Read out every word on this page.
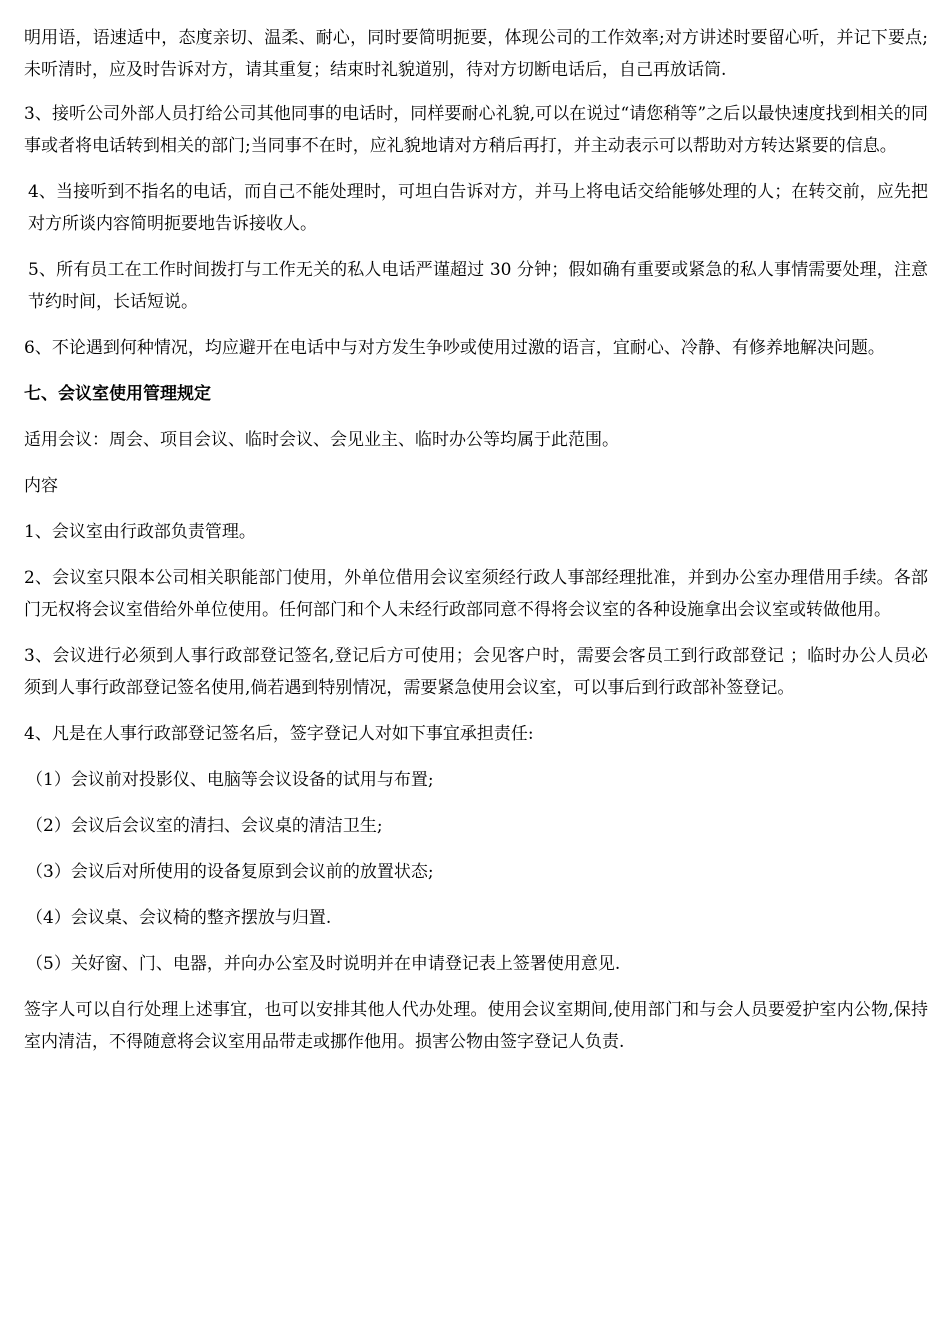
明用语，语速适中，态度亲切、温柔、耐心，同时要简明扼要，体现公司的工作效率;对方讲述时要留心听，并记下要点;未听清时，应及时告诉对方，请其重复；结束时礼貌道别，待对方切断电话后，自己再放话筒.

3、接听公司外部人员打给公司其他同事的电话时，同样要耐心礼貌,可以在说过“请您稍等”之后以最快速度找到相关的同事或者将电话转到相关的部门;当同事不在时，应礼貌地请对方稍后再打，并主动表示可以帮助对方转达紧要的信息。

4、当接听到不指名的电话，而自己不能处理时，可坦白告诉对方，并马上将电话交给能够处理的人；在转交前，应先把对方所谈内容简明扼要地告诉接收人。

5、所有员工在工作时间拨打与工作无关的私人电话严谨超过 30 分钟；假如确有重要或紧急的私人事情需要处理，注意节约时间，长话短说。

6、不论遇到何种情况，均应避开在电话中与对方发生争吵或使用过激的语言，宜耐心、冷静、有修养地解决问题。

七、会议室使用管理规定

适用会议：周会、项目会议、临时会议、会见业主、临时办公等均属于此范围。

内容

1、会议室由行政部负责管理。

2、会议室只限本公司相关职能部门使用，外单位借用会议室须经行政人事部经理批准，并到办公室办理借用手续。各部门无权将会议室借给外单位使用。任何部门和个人未经行政部同意不得将会议室的各种设施拿出会议室或转做他用。

3、会议进行必须到人事行政部登记签名,登记后方可使用；会见客户时，需要会客员工到行政部登记 ；临时办公人员必须到人事行政部登记签名使用,倘若遇到特别情况，需要紧急使用会议室，可以事后到行政部补签登记。

4、凡是在人事行政部登记签名后，签字登记人对如下事宜承担责任:

（1）会议前对投影仪、电脑等会议设备的试用与布置;

（2）会议后会议室的清扫、会议桌的清洁卫生;

（3）会议后对所使用的设备复原到会议前的放置状态;

（4）会议桌、会议椅的整齐摆放与归置.

（5）关好窗、门、电器，并向办公室及时说明并在申请登记表上签署使用意见.

签字人可以自行处理上述事宜，也可以安排其他人代办处理。使用会议室期间,使用部门和与会人员要爱护室内公物,保持室内清洁，不得随意将会议室用品带走或挪作他用。损害公物由签字登记人负责.
